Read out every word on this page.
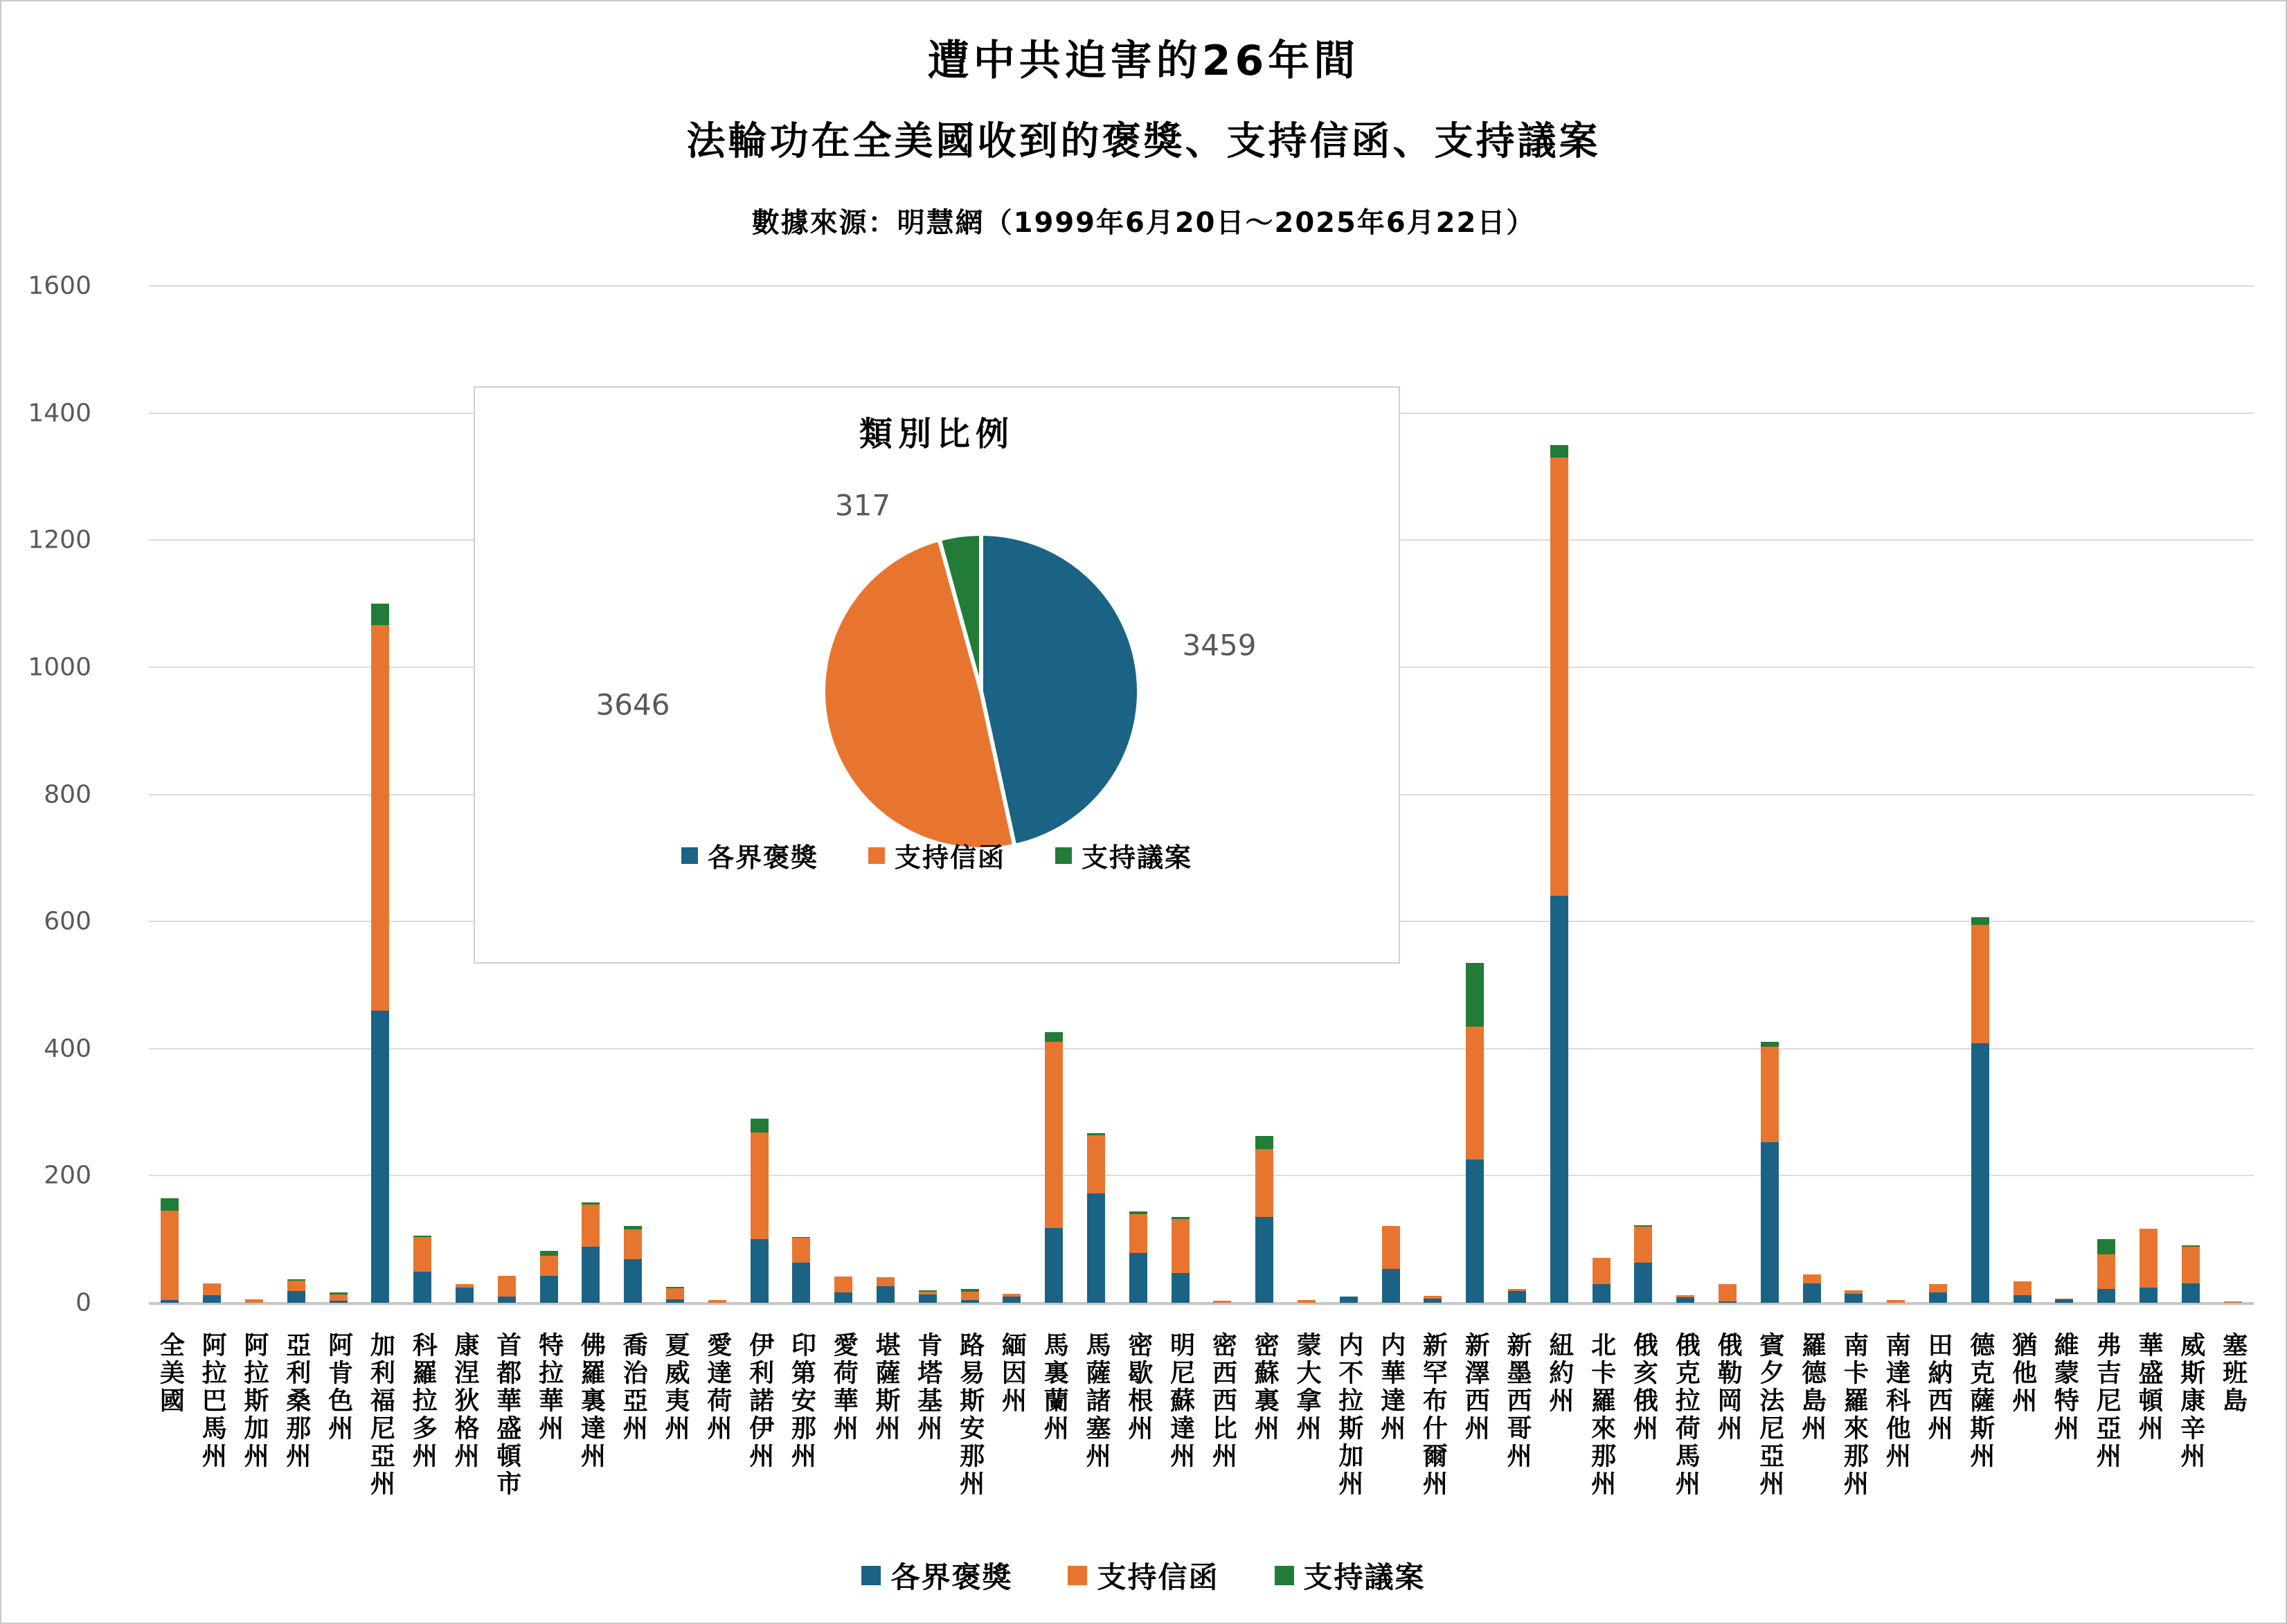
遭中共迫害的26年間
法輪功在全美國收到的褒獎、支持信函、支持議案
數據來源：明慧網（1999年6月20日～2025年6月22日）
0
200
400
600
800
1000
1200
1400
1600
全美國 阿拉巴馬州 阿拉斯加州 亞利桑那州 阿肯色州 加利福尼亞州 科羅拉多州 康涅狄格州 首都華盛頓市 特拉華州 佛羅裏達州 喬治亞州 夏威夷州 愛達荷州 伊利諾伊州 印第安那州 愛荷華州 堪薩斯州 肯塔基州 路易斯安那州 緬因州 馬裏蘭州 馬薩諸塞州 密歇根州 明尼蘇達州 密西西比州 密蘇裏州 蒙大拿州 内不拉斯加州 内華達州 新罕布什爾州 新澤西州 新墨西哥州 紐約州 北卡羅來那州 俄亥俄州 俄克拉荷馬州 俄勒岡州 賓夕法尼亞州 羅德島州 南卡羅來那州 南達科他州 田納西州 德克薩斯州 猶他州 維蒙特州 弗吉尼亞州 華盛頓州 威斯康辛州 塞班島
類別比例
317
3459
3646
各界褒獎	支持信函	支持議案
各界褒獎	支持信函	支持議案
